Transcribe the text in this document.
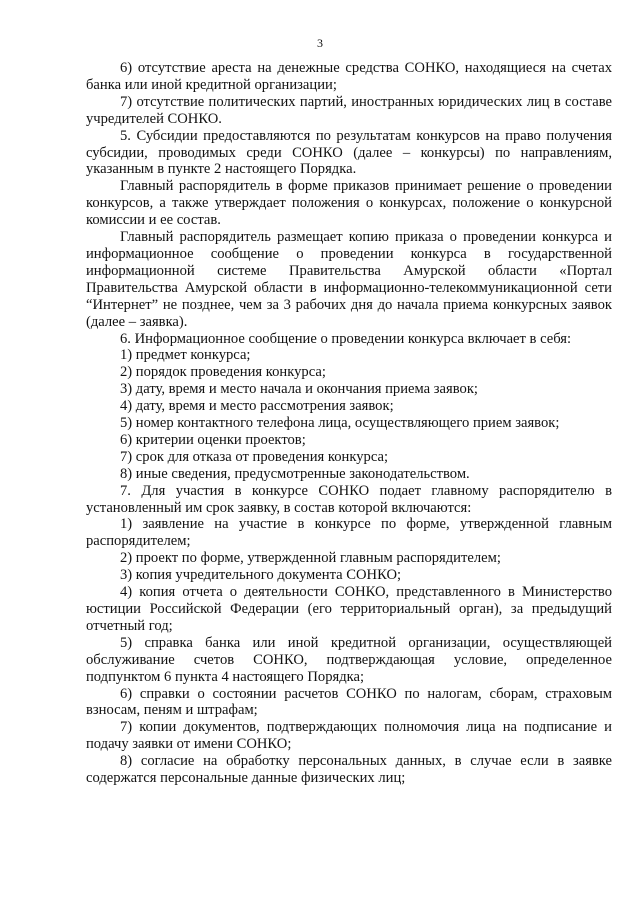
3

6) отсутствие ареста на денежные средства СОНКО, находящиеся на счетах банка или иной кредитной организации;

7) отсутствие политических партий, иностранных юридических лиц в составе учредителей СОНКО.

5. Субсидии предоставляются по результатам конкурсов на право получения субсидии, проводимых среди СОНКО (далее – конкурсы) по направлениям, указанным в пункте 2 настоящего Порядка.

Главный распорядитель в форме приказов принимает решение о проведении конкурсов, а также утверждает положения о конкурсах, положение о конкурсной комиссии и ее состав.

Главный распорядитель размещает копию приказа о проведении конкурса и информационное сообщение о проведении конкурса в государственной информационной системе Правительства Амурской области «Портал Правительства Амурской области в информационно-телекоммуникационной сети “Интернет” не позднее, чем за 3 рабочих дня до начала приема конкурсных заявок (далее – заявка).

6. Информационное сообщение о проведении конкурса включает в себя:

1) предмет конкурса;

2) порядок проведения конкурса;

3) дату, время и место начала и окончания приема заявок;

4) дату, время и место рассмотрения заявок;

5) номер контактного телефона лица, осуществляющего прием заявок;

6) критерии оценки проектов;

7) срок для отказа от проведения конкурса;

8) иные сведения, предусмотренные законодательством.

7. Для участия в конкурсе СОНКО подает главному распорядителю в установленный им срок заявку, в состав которой включаются:

1) заявление на участие в конкурсе по форме, утвержденной главным распорядителем;

2) проект по форме, утвержденной главным распорядителем;

3) копия учредительного документа СОНКО;

4) копия отчета о деятельности СОНКО, представленного в Министерство юстиции Российской Федерации (его территориальный орган), за предыдущий отчетный год;

5) справка банка или иной кредитной организации, осуществляющей обслуживание счетов СОНКО, подтверждающая условие, определенное подпунктом 6 пункта 4 настоящего Порядка;

6) справки о состоянии расчетов СОНКО по налогам, сборам, страховым взносам, пеням и штрафам;

7) копии документов, подтверждающих полномочия лица на подписание и подачу заявки от имени СОНКО;

8) согласие на обработку персональных данных, в случае если в заявке содержатся персональные данные физических лиц;
